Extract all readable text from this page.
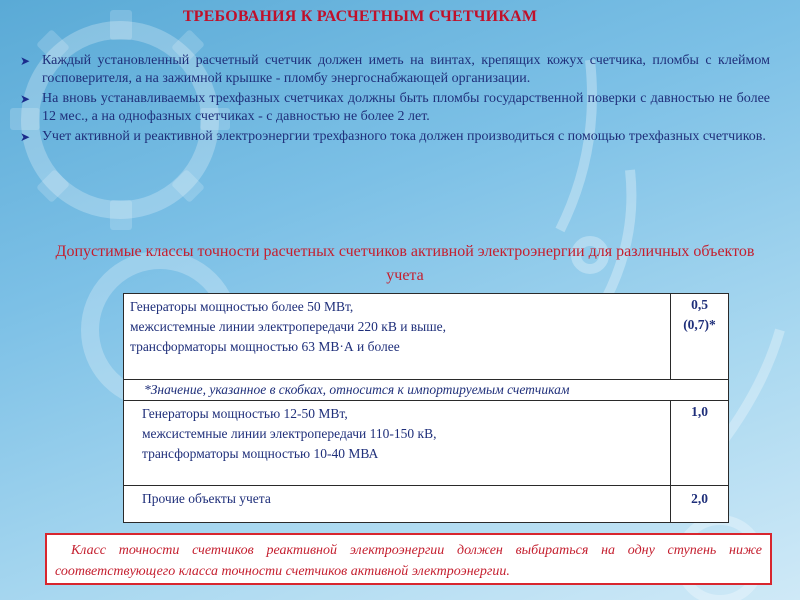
ТРЕБОВАНИЯ К РАСЧЕТНЫМ СЧЕТЧИКАМ
➤ Каждый установленный расчетный счетчик должен иметь на винтах, крепящих кожух счетчика, пломбы с клеймом госповерителя, а на зажимной крышке - пломбу энергоснабжающей организации.
➤ На вновь устанавливаемых трехфазных счетчиках должны быть пломбы государственной поверки с давностью не более 12 мес., а на однофазных счетчиках - с давностью не более 2 лет.
➤ Учет активной и реактивной электроэнергии трехфазного тока должен производиться с помощью трехфазных счетчиков.
Допустимые классы точности расчетных счетчиков активной электроэнергии для различных объектов учета
Генераторы мощностью более 50 МВт,
межсистемные линии электропередачи 220 кВ и выше,
трансформаторы мощностью 63 МВ·А и более	0,5
(0,7)*

*Значение, указанное в скобках, относится к импортируемым счетчикам	

Генераторы мощностью 12-50 МВт,
межсистемные линии электропередачи 110-150 кВ,
трансформаторы мощностью 10-40 МВА	1,0

Прочие объекты учета	2,0
Класс точности счетчиков реактивной электроэнергии должен выбираться на одну ступень ниже соответствующего класса точности счетчиков активной электроэнергии.
